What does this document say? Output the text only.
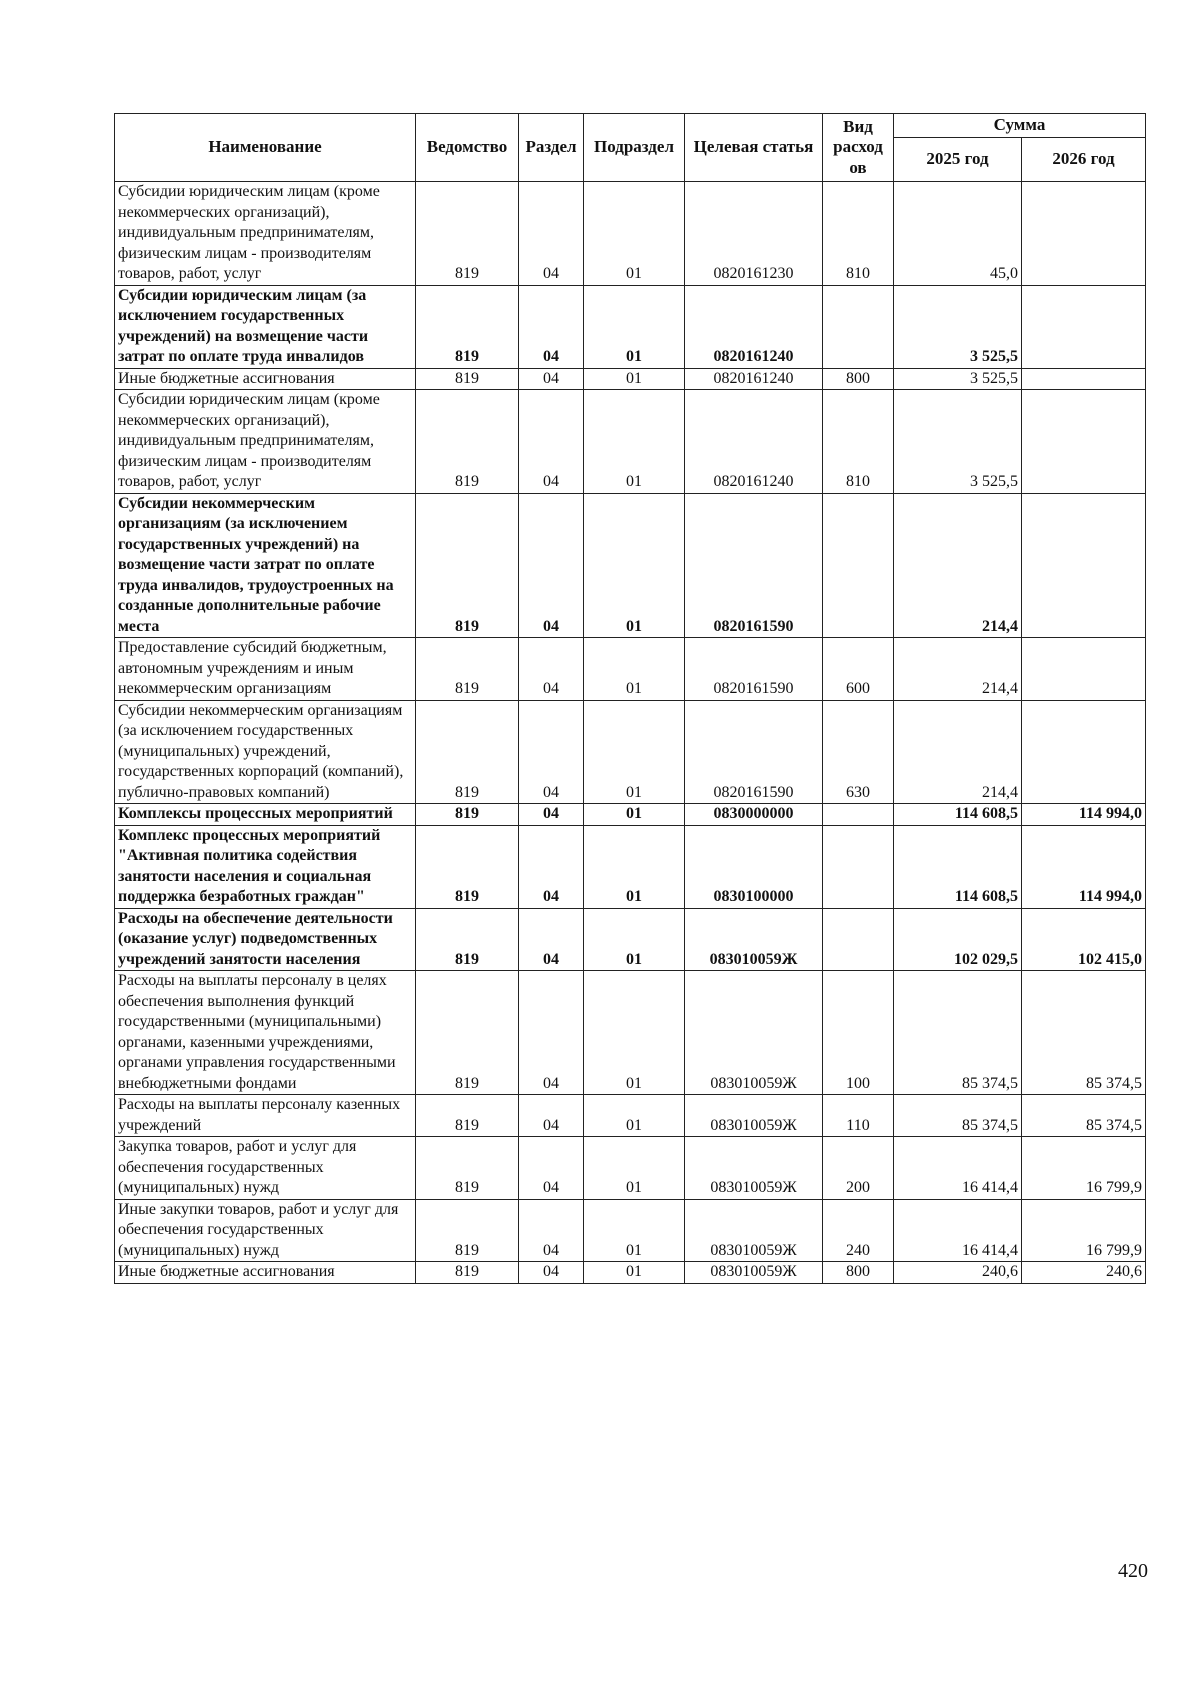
Наименование	Ведомство	Раздел	Подраздел	Целевая статья	Вид расход ов	Сумма	
						2025 год	2026 год
Субсидии юридическим лицам (кроме некоммерческих организаций), индивидуальным предпринимателям, физическим лицам - производителям товаров, работ, услуг	819	04	01	0820161230	810	45,0	
Субсидии юридическим лицам (за исключением государственных учреждений) на возмещение части затрат по оплате труда инвалидов	819	04	01	0820161240		3 525,5	
Иные бюджетные ассигнования	819	04	01	0820161240	800	3 525,5	
Субсидии юридическим лицам (кроме некоммерческих организаций), индивидуальным предпринимателям, физическим лицам - производителям товаров, работ, услуг	819	04	01	0820161240	810	3 525,5	
Субсидии некоммерческим организациям (за исключением государственных учреждений) на возмещение части затрат по оплате труда инвалидов, трудоустроенных на созданные дополнительные рабочие места	819	04	01	0820161590		214,4	
Предоставление субсидий бюджетным, автономным учреждениям и иным некоммерческим организациям	819	04	01	0820161590	600	214,4	
Субсидии некоммерческим организациям (за исключением государственных (муниципальных) учреждений, государственных корпораций (компаний), публично-правовых компаний)	819	04	01	0820161590	630	214,4	
Комплексы процессных мероприятий	819	04	01	0830000000		114 608,5	114 994,0
Комплекс процессных мероприятий "Активная политика содействия занятости населения и социальная поддержка безработных граждан"	819	04	01	0830100000		114 608,5	114 994,0
Расходы на обеспечение деятельности (оказание услуг) подведомственных учреждений занятости населения	819	04	01	083010059Ж		102 029,5	102 415,0
Расходы на выплаты персоналу в целях обеспечения выполнения функций государственными (муниципальными) органами, казенными учреждениями, органами управления государственными внебюджетными фондами	819	04	01	083010059Ж	100	85 374,5	85 374,5
Расходы на выплаты персоналу казенных учреждений	819	04	01	083010059Ж	110	85 374,5	85 374,5
Закупка товаров, работ и услуг для обеспечения государственных (муниципальных) нужд	819	04	01	083010059Ж	200	16 414,4	16 799,9
Иные закупки товаров, работ и услуг для обеспечения государственных (муниципальных) нужд	819	04	01	083010059Ж	240	16 414,4	16 799,9
Иные бюджетные ассигнования	819	04	01	083010059Ж	800	240,6	240,6
420
